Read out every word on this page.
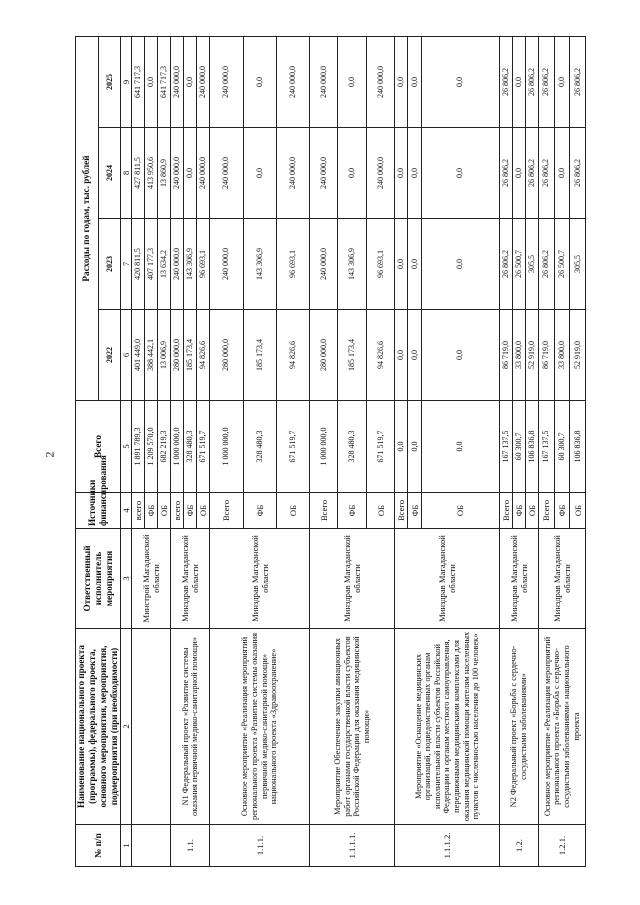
2
№ п/п	Наименование национального проекта (программы), федерального проекта, основного мероприятия, мероприятия, подмероприятия (при необходимости)	Ответственный исполнитель мероприятия	Источники финансирования	Всего	Расходы по годам, тыс. рублей			
					2022	2023	2024	2025
1	2	3	4	5	6	7	8	9
		Минстрой Магаданской области	всего	1 891 789,3	401 449,0	420 811,5	427 811,5	641 717,3
			ФБ	1 209 570,0	388 442,1	407 177,3	413 950,6	0,0
			ОБ	682 219,3	13 006,9	13 634,2	13 860,9	641 717,3
1.1.	N1 Федеральный проект «Развитие системы оказания первичной медико-санитарной помощи»	Минздрав Магаданской области	всего	1 000 000,0	280 000,0	240 000,0	240 000,0	240 000,0
			ФБ	328 480,3	185 173,4	143 306,9	0,0	0,0
			ОБ	671 519,7	94 826,6	96 693,1	240 000,0	240 000,0
1.1.1.	Основное мероприятие «Реализация мероприятий регионального проекта «Развитие системы оказания первичной медико-санитарной помощи» национального проекта «Здравоохранение»	Минздрав Магаданской области	Всего	1 000 000,0	280 000,0	240 000,0	240 000,0	240 000,0
			ФБ	328 480,3	185 173,4	143 306,9	0,0	0,0
			ОБ	671 519,7	94 826,6	96 693,1	240 000,0	240 000,0
1.1.1.1.	Мероприятие Обеспечение закупки авиационных работ органами государственной власти субъектов Российской Федерации для оказания медицинской помощи»	Минздрав Магаданской области	Всего	1 000 000,0	280 000,0	240 000,0	240 000,0	240 000,0
			ФБ	328 480,3	185 173,4	143 306,9	0,0	0,0
			ОБ	671 519,7	94 826,6	96 693,1	240 000,0	240 000,0
1.1.1.2.	Мероприятие «Оснащение медицинских организаций, подведомственных органам исполнительной власти субъектов Российской Федерации и органам местного самоуправления, передвижными медицинскими комплексами для оказания медицинской помощи жителям населенных пунктов с численностью населения до 100 человек»	Минздрав Магаданской области	Всего	0,0	0,0	0,0	0,0	0,0
			ФБ	0,0	0,0	0,0	0,0	0,0
			ОБ	0,0	0,0	0,0	0,0	0,0
1.2.	N2 Федеральный проект «Борьба с сердечно-сосудистыми заболеваниями»	Минздрав Магаданской области	Всего	167 137,5	86 719,0	26 806,2	26 806,2	26 806,2
			ФБ	60 300,7	33 800,0	26 500,7	0,0	0,0
			ОБ	106 836,8	52 919,0	305,5	26 806,2	26 806,2
1.2.1.	Основное мероприятие «Реализация мероприятий регионального проекта «Борьба с сердечно-сосудистыми заболеваниями» национального проекта	Минздрав Магаданской области	Всего	167 137,5	86 719,0	26 806,2	26 806,2	26 806,2
			ФБ	60 300,7	33 800,0	26 500,7	0,0	0,0
			ОБ	106 836,8	52 919,0	305,5	26 806,2	26 806,2
